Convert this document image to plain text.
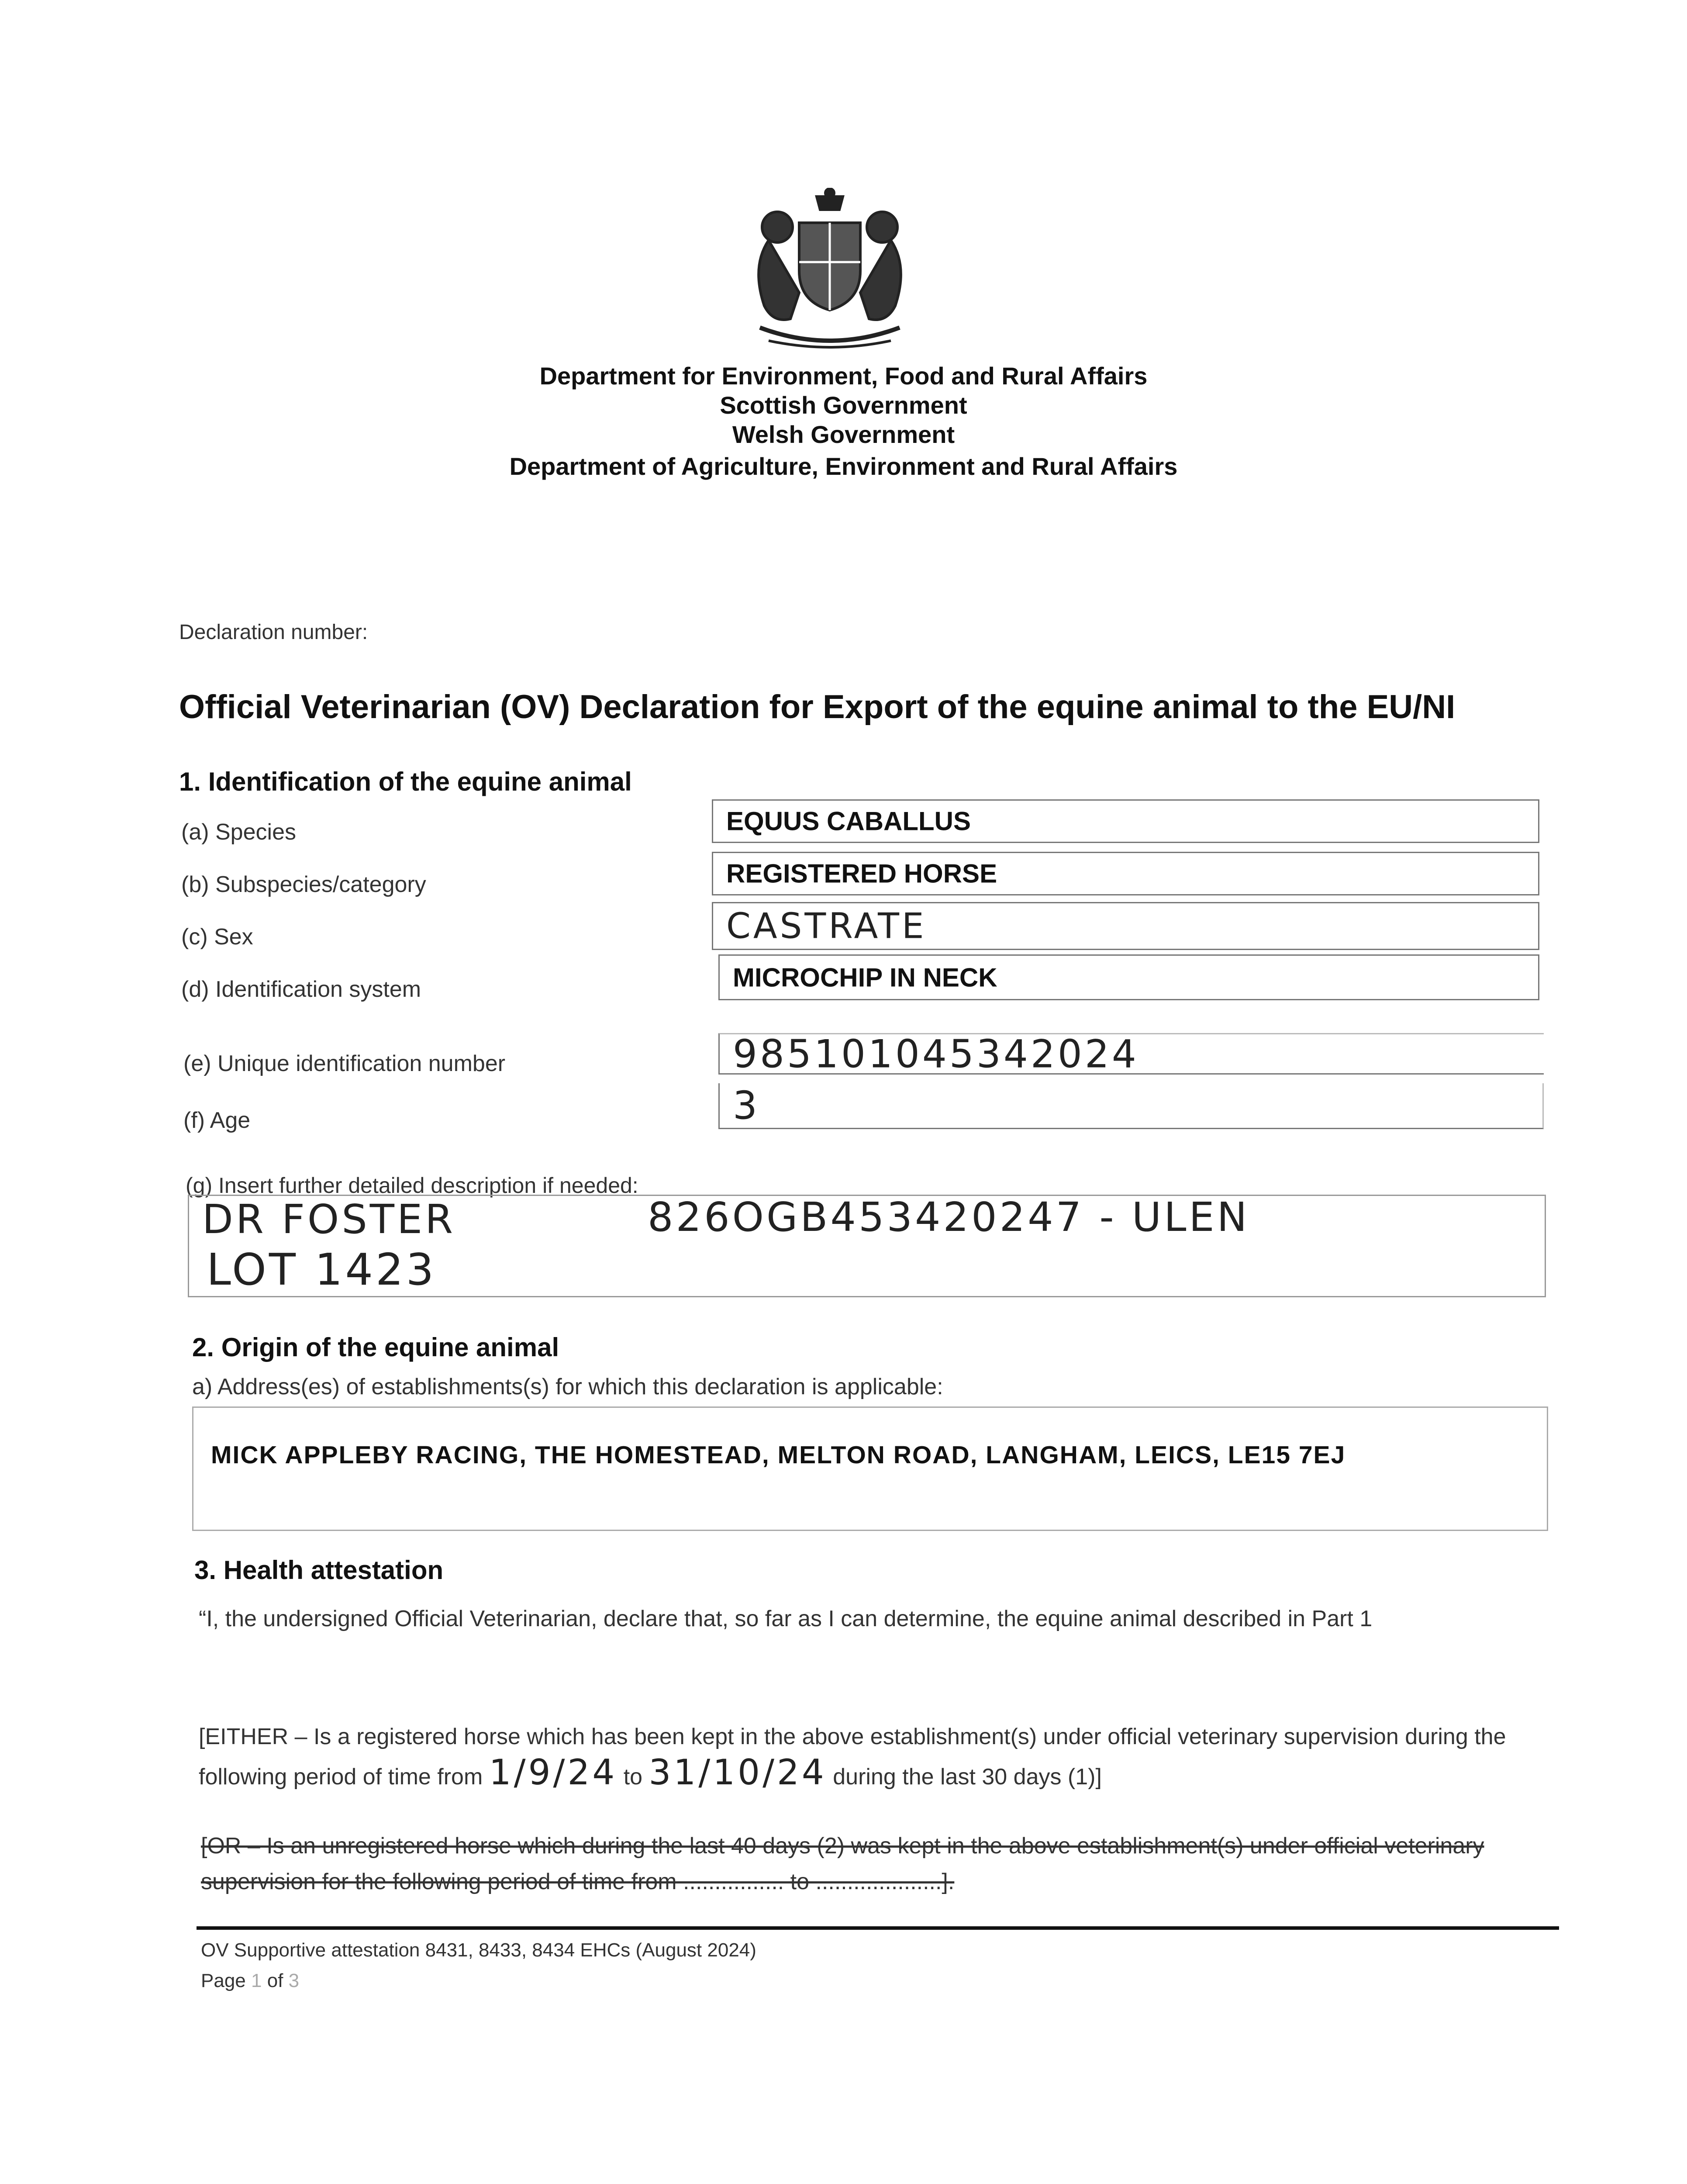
Department for Environment, Food and Rural Affairs
Scottish Government
Welsh Government
Department of Agriculture, Environment and Rural Affairs
Declaration number:
Official Veterinarian (OV) Declaration for Export of the equine animal to the EU/NI
1. Identification of the equine animal
(a) Species	EQUUS CABALLUS
(b) Subspecies/category	REGISTERED HORSE
(c) Sex	CASTRATE
(d) Identification system	MICROCHIP IN NECK
(e) Unique identification number	985101045342024
(f) Age	3
(g) Insert further detailed description if needed:
DR FOSTER	826OGB453420247 - ULEN
LOT 1423
2. Origin of the equine animal
a) Address(es) of establishments(s) for which this declaration is applicable:
MICK APPLEBY RACING, THE HOMESTEAD, MELTON ROAD, LANGHAM, LEICS, LE15 7EJ
3. Health attestation
“I, the undersigned Official Veterinarian, declare that, so far as I can determine, the equine animal described in Part 1
[EITHER – Is a registered horse which has been kept in the above establishment(s) under official veterinary supervision during the following period of time from 1/9/24 to 31/10/24 during the last 30 days (1)]
[OR – Is an unregistered horse which during the last 40 days (2) was kept in the above establishment(s) under official veterinary supervision for the following period of time from ................ to ....................].
OV Supportive attestation 8431, 8433, 8434 EHCs (August 2024)
Page 1 of 3
